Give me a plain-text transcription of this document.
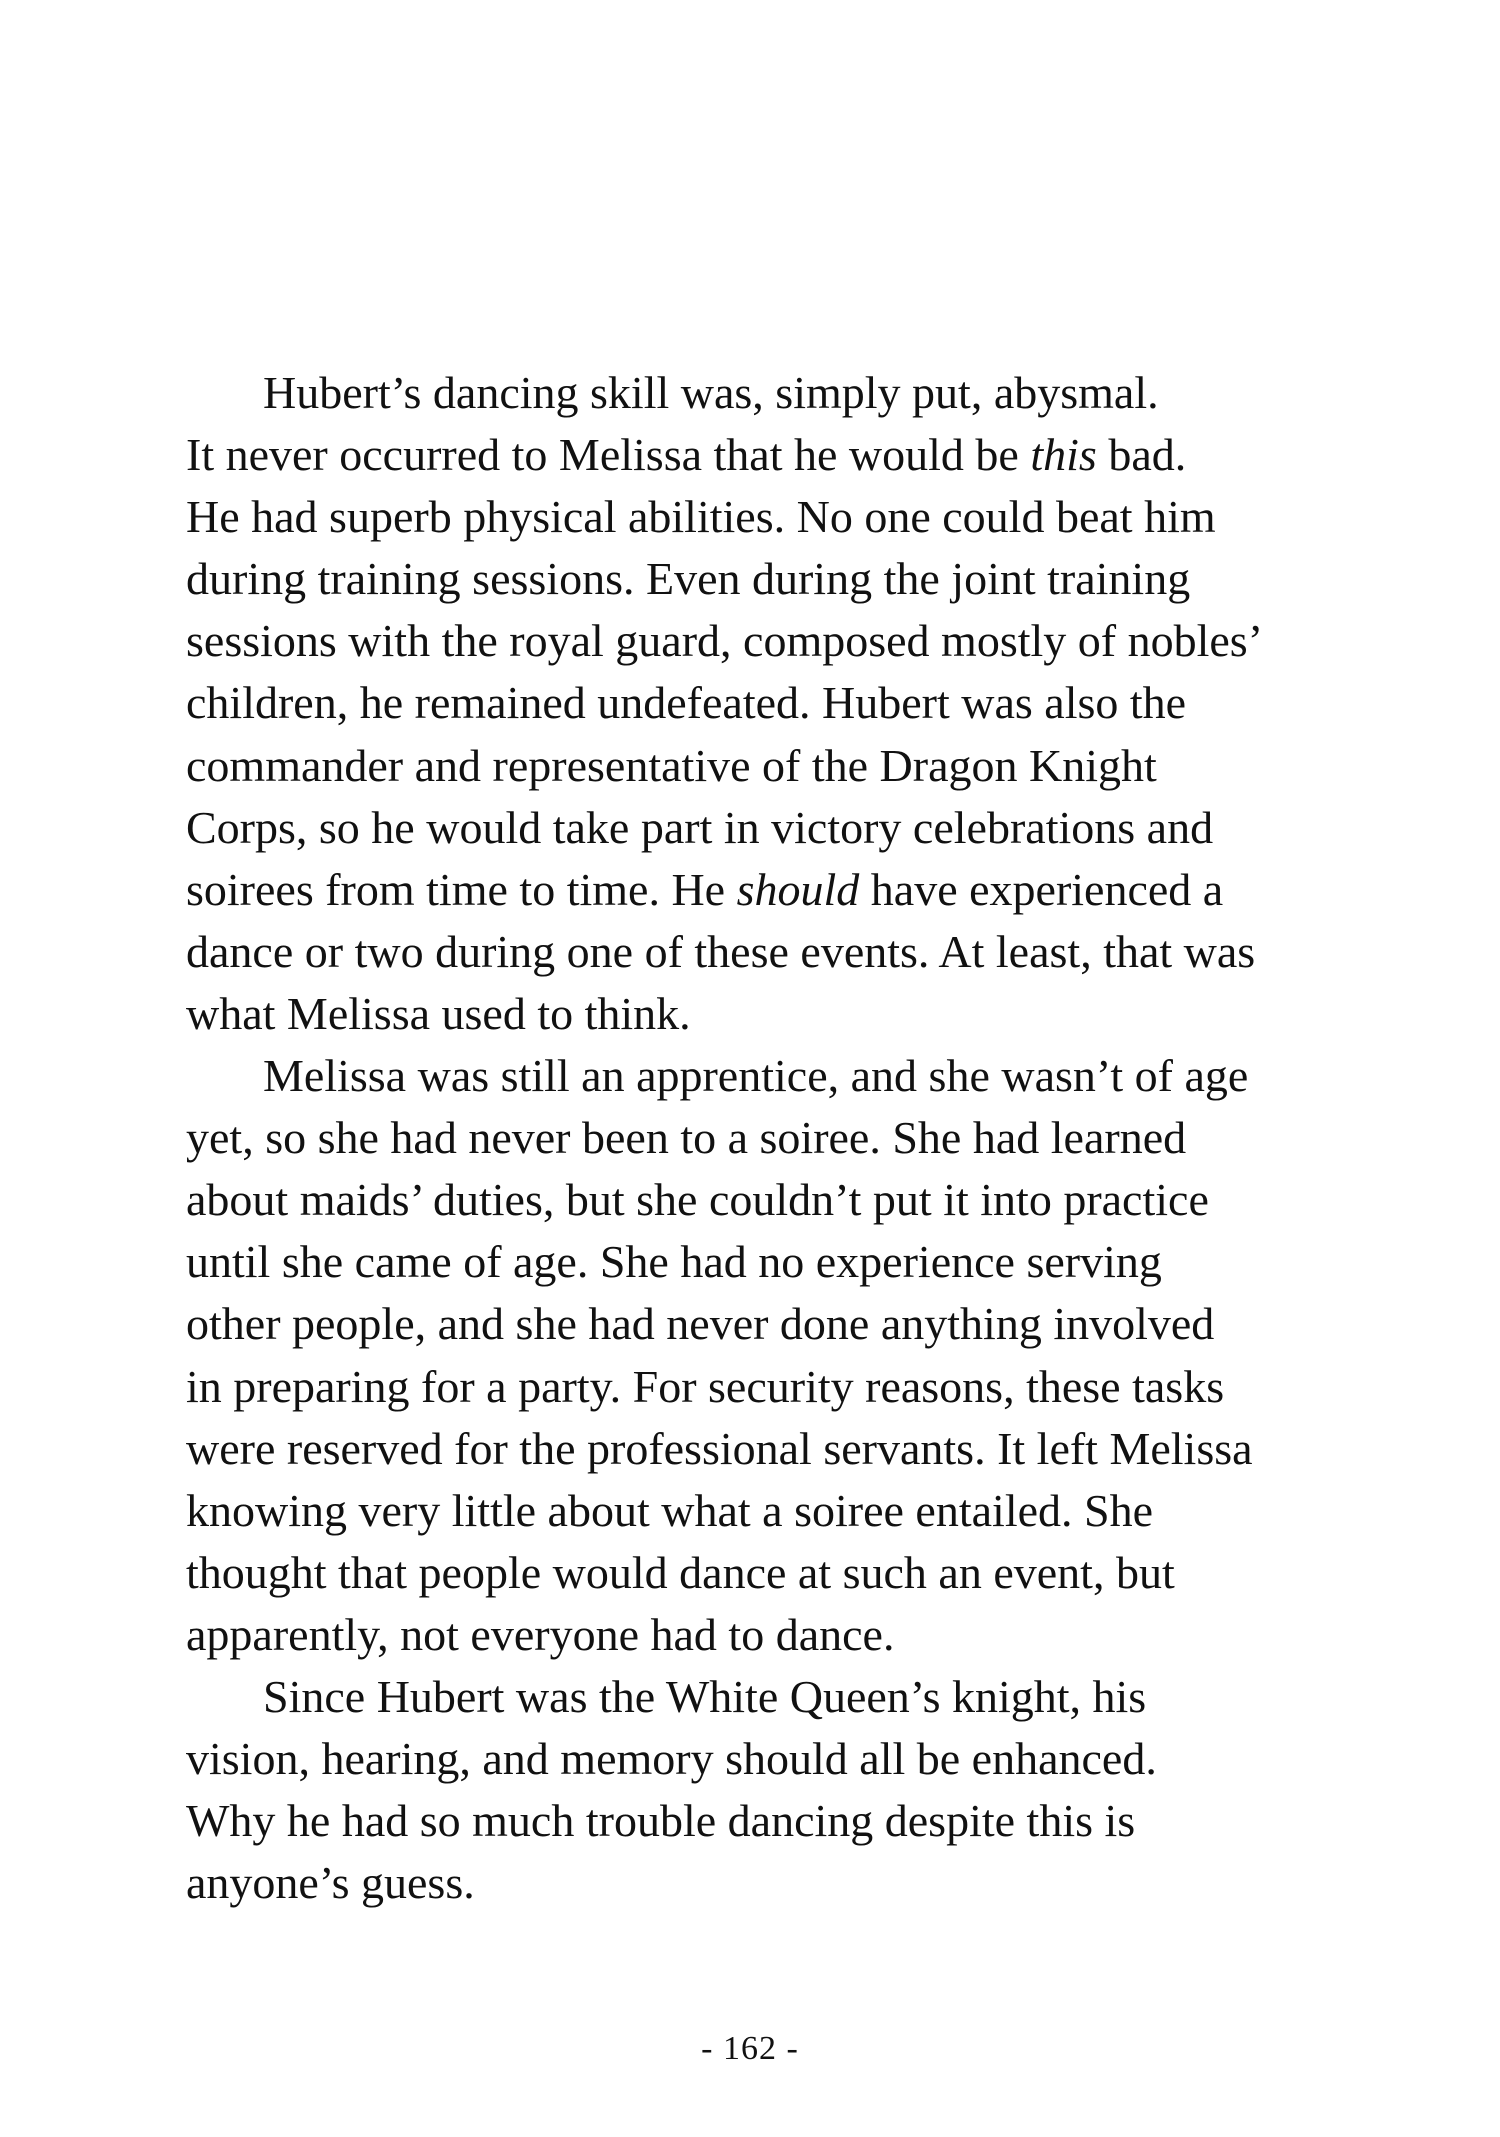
Hubert’s dancing skill was, simply put, abysmal.
It never occurred to Melissa that he would be this bad.
He had superb physical abilities. No one could beat him
during training sessions. Even during the joint training
sessions with the royal guard, composed mostly of nobles’
children, he remained undefeated. Hubert was also the
commander and representative of the Dragon Knight
Corps, so he would take part in victory celebrations and
soirees from time to time. He should have experienced a
dance or two during one of these events. At least, that was
what Melissa used to think.
Melissa was still an apprentice, and she wasn’t of age
yet, so she had never been to a soiree. She had learned
about maids’ duties, but she couldn’t put it into practice
until she came of age. She had no experience serving
other people, and she had never done anything involved
in preparing for a party. For security reasons, these tasks
were reserved for the professional servants. It left Melissa
knowing very little about what a soiree entailed. She
thought that people would dance at such an event, but
apparently, not everyone had to dance.
Since Hubert was the White Queen’s knight, his
vision, hearing, and memory should all be enhanced.
Why he had so much trouble dancing despite this is
anyone’s guess.
- 162 -
